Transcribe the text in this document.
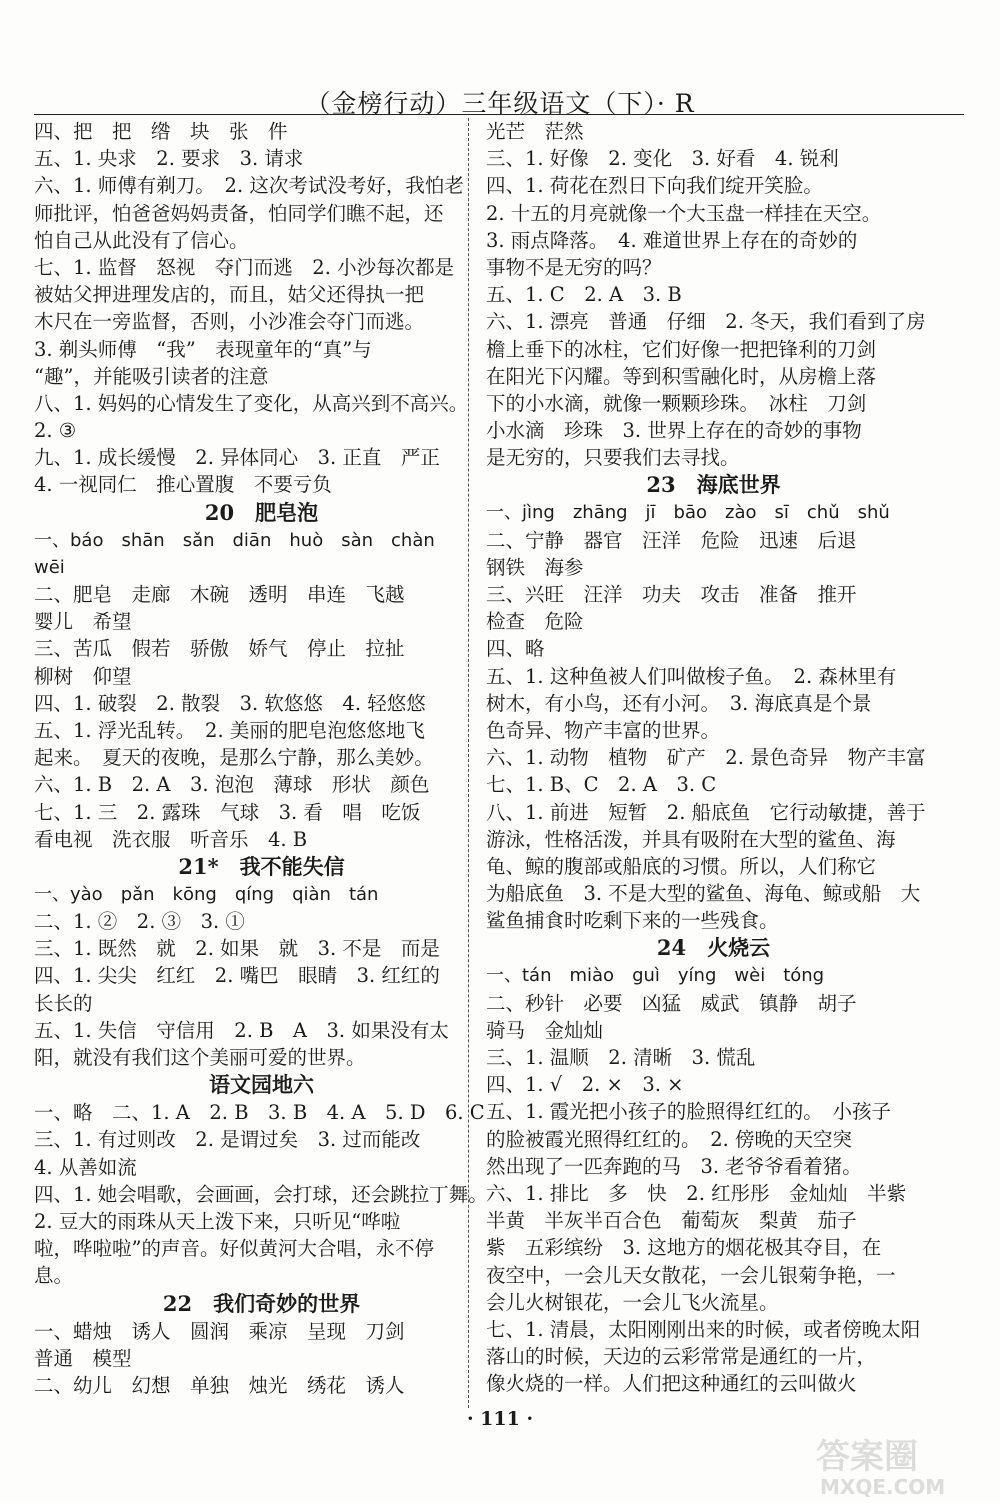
（金榜行动）三年级语文（下）· R
四、把　把　绺　块　张　件
五、1. 央求　2. 要求　3. 请求
六、1. 师傅有剃刀。　2. 这次考试没考好，我怕老
师批评，怕爸爸妈妈责备，怕同学们瞧不起，还
怕自己从此没有了信心。
七、1. 监督　怒视　夺门而逃　2. 小沙每次都是
被姑父押进理发店的，而且，姑父还得执一把
木尺在一旁监督，否则，小沙准会夺门而逃。
3. 剃头师傅　“我”　表现童年的“真”与
“趣”，并能吸引读者的注意
八、1. 妈妈的心情发生了变化，从高兴到不高兴。
2. ③
九、1. 成长缓慢　2. 异体同心　3. 正直　严正
4. 一视同仁　推心置腹　不要亏负
20　肥皂泡
一、báo　shān　sǎn　diān　huò　sàn　chàn
wēi
二、肥皂　走廊　木碗　透明　串连　飞越
婴儿　希望
三、苦瓜　假若　骄傲　娇气　停止　拉扯
柳树　仰望
四、1. 破裂　2. 散裂　3. 软悠悠　4. 轻悠悠
五、1. 浮光乱转。　2. 美丽的肥皂泡悠悠地飞
起来。　夏天的夜晚，是那么宁静，那么美妙。
六、1. B　2. A　3. 泡泡　薄球　形状　颜色
七、1. 三　2. 露珠　气球　3. 看　唱　吃饭
看电视　洗衣服　听音乐　4. B
21*　我不能失信
一、yào　pǎn　kōng　qíng　qiàn　tán
二、1. ②　2. ③　3. ①
三、1. 既然　就　2. 如果　就　3. 不是　而是
四、1. 尖尖　红红　2. 嘴巴　眼睛　3. 红红的
长长的
五、1. 失信　守信用　2. B　A　3. 如果没有太
阳，就没有我们这个美丽可爱的世界。
语文园地六
一、略　二、1. A　2. B　3. B　4. A　5. D　6. C
三、1. 有过则改　2. 是谓过矣　3. 过而能改
4. 从善如流
四、1. 她会唱歌，会画画，会打球，还会跳拉丁舞。
2. 豆大的雨珠从天上泼下来，只听见“哗啦
啦，哗啦啦”的声音。好似黄河大合唱，永不停
息。
22　我们奇妙的世界
一、蜡烛　诱人　圆润　乘凉　呈现　刀剑
普通　模型
二、幼儿　幻想　单独　烛光　绣花　诱人
光芒　茫然
三、1. 好像　2. 变化　3. 好看　4. 锐利
四、1. 荷花在烈日下向我们绽开笑脸。
2. 十五的月亮就像一个大玉盘一样挂在天空。
3. 雨点降落。　4. 难道世界上存在的奇妙的
事物不是无穷的吗？
五、1. C　2. A　3. B
六、1. 漂亮　普通　仔细　2. 冬天，我们看到了房
檐上垂下的冰柱，它们好像一把把锋利的刀剑
在阳光下闪耀。等到积雪融化时，从房檐上落
下的小水滴，就像一颗颗珍珠。　冰柱　刀剑
小水滴　珍珠　3. 世界上存在的奇妙的事物
是无穷的，只要我们去寻找。
23　海底世界
一、jìng　zhāng　jī　bāo　zào　sī　chǔ　shǔ
二、宁静　器官　汪洋　危险　迅速　后退
钢铁　海参
三、兴旺　汪洋　功夫　攻击　准备　推开
检查　危险
四、略
五、1. 这种鱼被人们叫做梭子鱼。　2. 森林里有
树木，有小鸟，还有小河。　3. 海底真是个景
色奇异、物产丰富的世界。
六、1. 动物　植物　矿产　2. 景色奇异　物产丰富
七、1. B、C　2. A　3. C
八、1. 前进　短暂　2. 船底鱼　它行动敏捷，善于
游泳，性格活泼，并具有吸附在大型的鲨鱼、海
龟、鲸的腹部或船底的习惯。所以，人们称它
为船底鱼　3. 不是大型的鲨鱼、海龟、鲸或船　大
鲨鱼捕食时吃剩下来的一些残食。
24　火烧云
一、tán　miào　guì　yíng　wèi　tóng
二、秒针　必要　凶猛　威武　镇静　胡子
骑马　金灿灿
三、1. 温顺　2. 清晰　3. 慌乱
四、1. √　2. ×　3. ×
五、1. 霞光把小孩子的脸照得红红的。　小孩子
的脸被霞光照得红红的。　2. 傍晚的天空突
然出现了一匹奔跑的马　3. 老爷爷看着猪。
六、1. 排比　多　快　2. 红彤彤　金灿灿　半紫
半黄　半灰半百合色　葡萄灰　梨黄　茄子
紫　五彩缤纷　3. 这地方的烟花极其夺目，在
夜空中，一会儿天女散花，一会儿银菊争艳，一
会儿火树银花，一会儿飞火流星。
七、1. 清晨，太阳刚刚出来的时候，或者傍晚太阳
落山的时候，天边的云彩常常是通红的一片，
像火烧的一样。人们把这种通红的云叫做火
· 111 ·
答案圈
MXQE.COM
